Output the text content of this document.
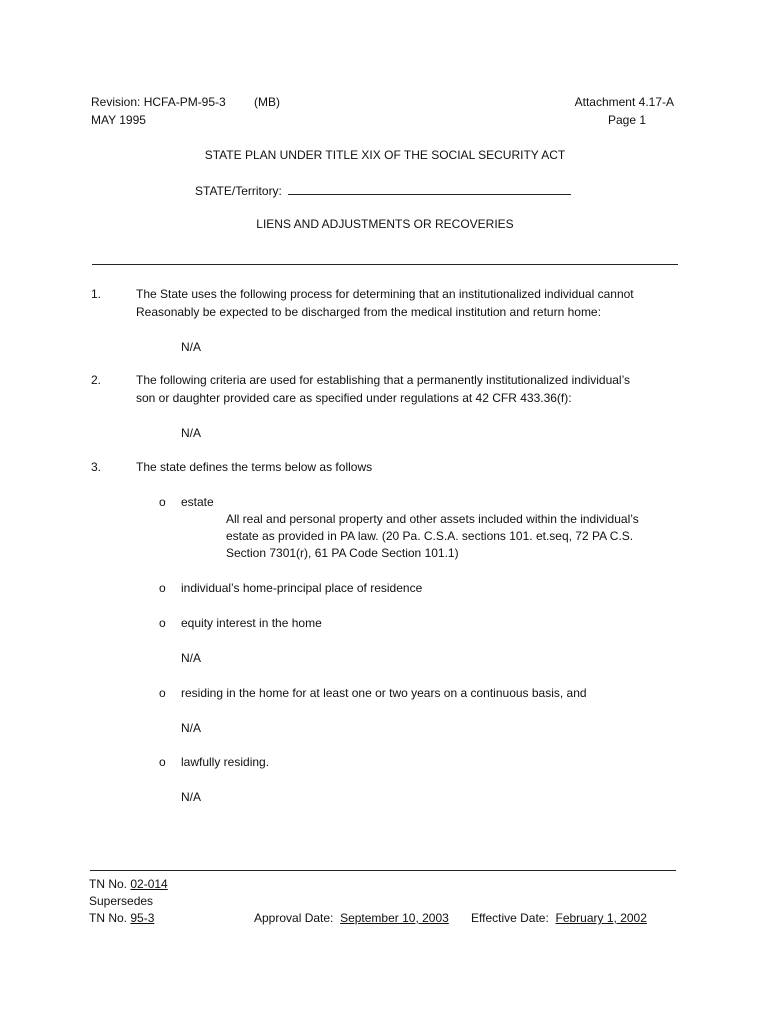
Revision: HCFA-PM-95-3 (MB)
MAY 1995
Attachment 4.17-A
Page 1
STATE PLAN UNDER TITLE XIX OF THE SOCIAL SECURITY ACT
STATE/Territory:
LIENS AND ADJUSTMENTS OR RECOVERIES
1.	The State uses the following process for determining that an institutionalized individual cannot
Reasonably be expected to be discharged from the medical institution and return home:
N/A
2.	The following criteria are used for establishing that a permanently institutionalized individual’s
son or daughter provided care as specified under regulations at 42 CFR 433.36(f):
N/A
3.	The state defines the terms below as follows
o estate
All real and personal property and other assets included within the individual’s
estate as provided in PA law. (20 Pa. C.S.A. sections 101. et.seq, 72 PA C.S.
Section 7301(r), 61 PA Code Section 101.1)
o individual’s home-principal place of residence
o equity interest in the home
N/A
o residing in the home for at least one or two years on a continuous basis, and
N/A
o lawfully residing.
N/A
TN No. 02-014
Supersedes
TN No. 95-3	Approval Date: September 10, 2003 Effective Date: February 1, 2002
